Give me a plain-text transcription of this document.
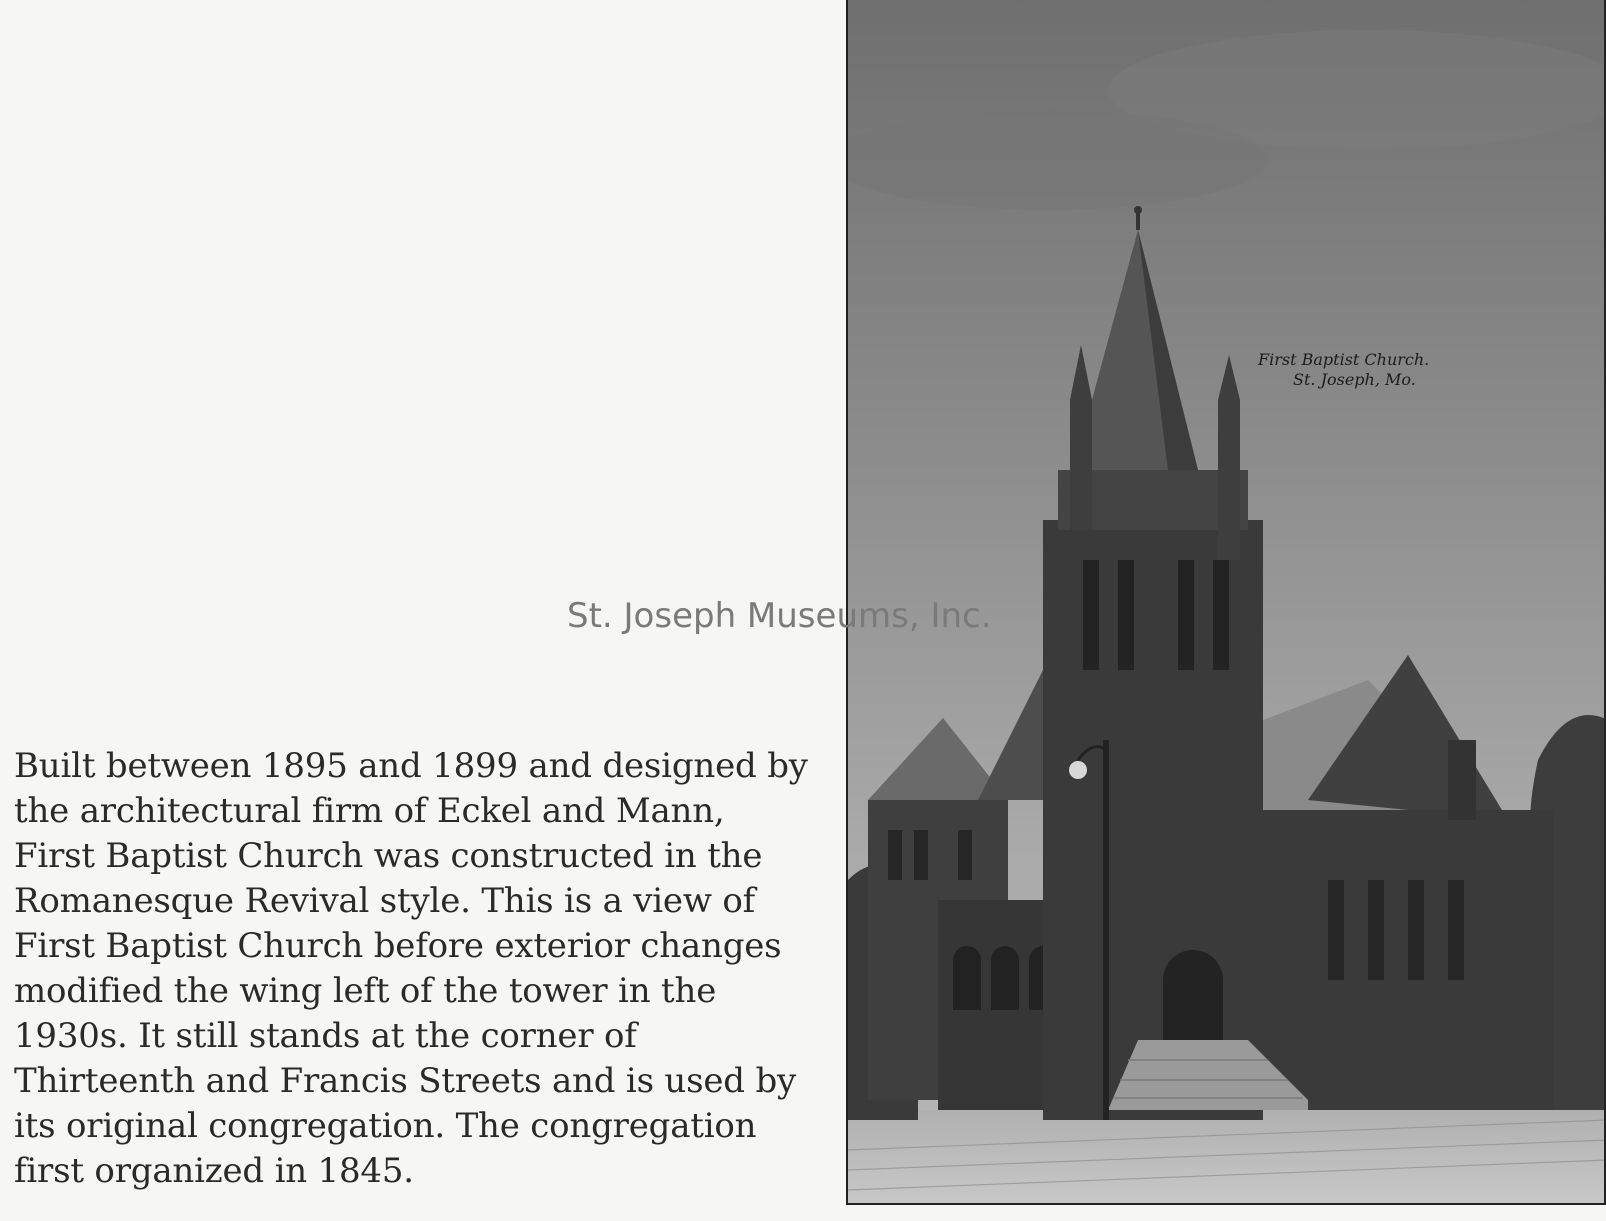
Built between 1895 and 1899 and designed by
the architectural firm of Eckel and Mann,
First Baptist Church was constructed in the
Romanesque Revival style. This is a view of
First Baptist Church before exterior changes
modified the wing left of the tower in the
1930s. It still stands at the corner of
Thirteenth and Francis Streets and is used by
its original congregation. The congregation
first organized in 1845.

First Baptist Church.
St. Joseph, Mo.
St. Joseph Museums, Inc.
